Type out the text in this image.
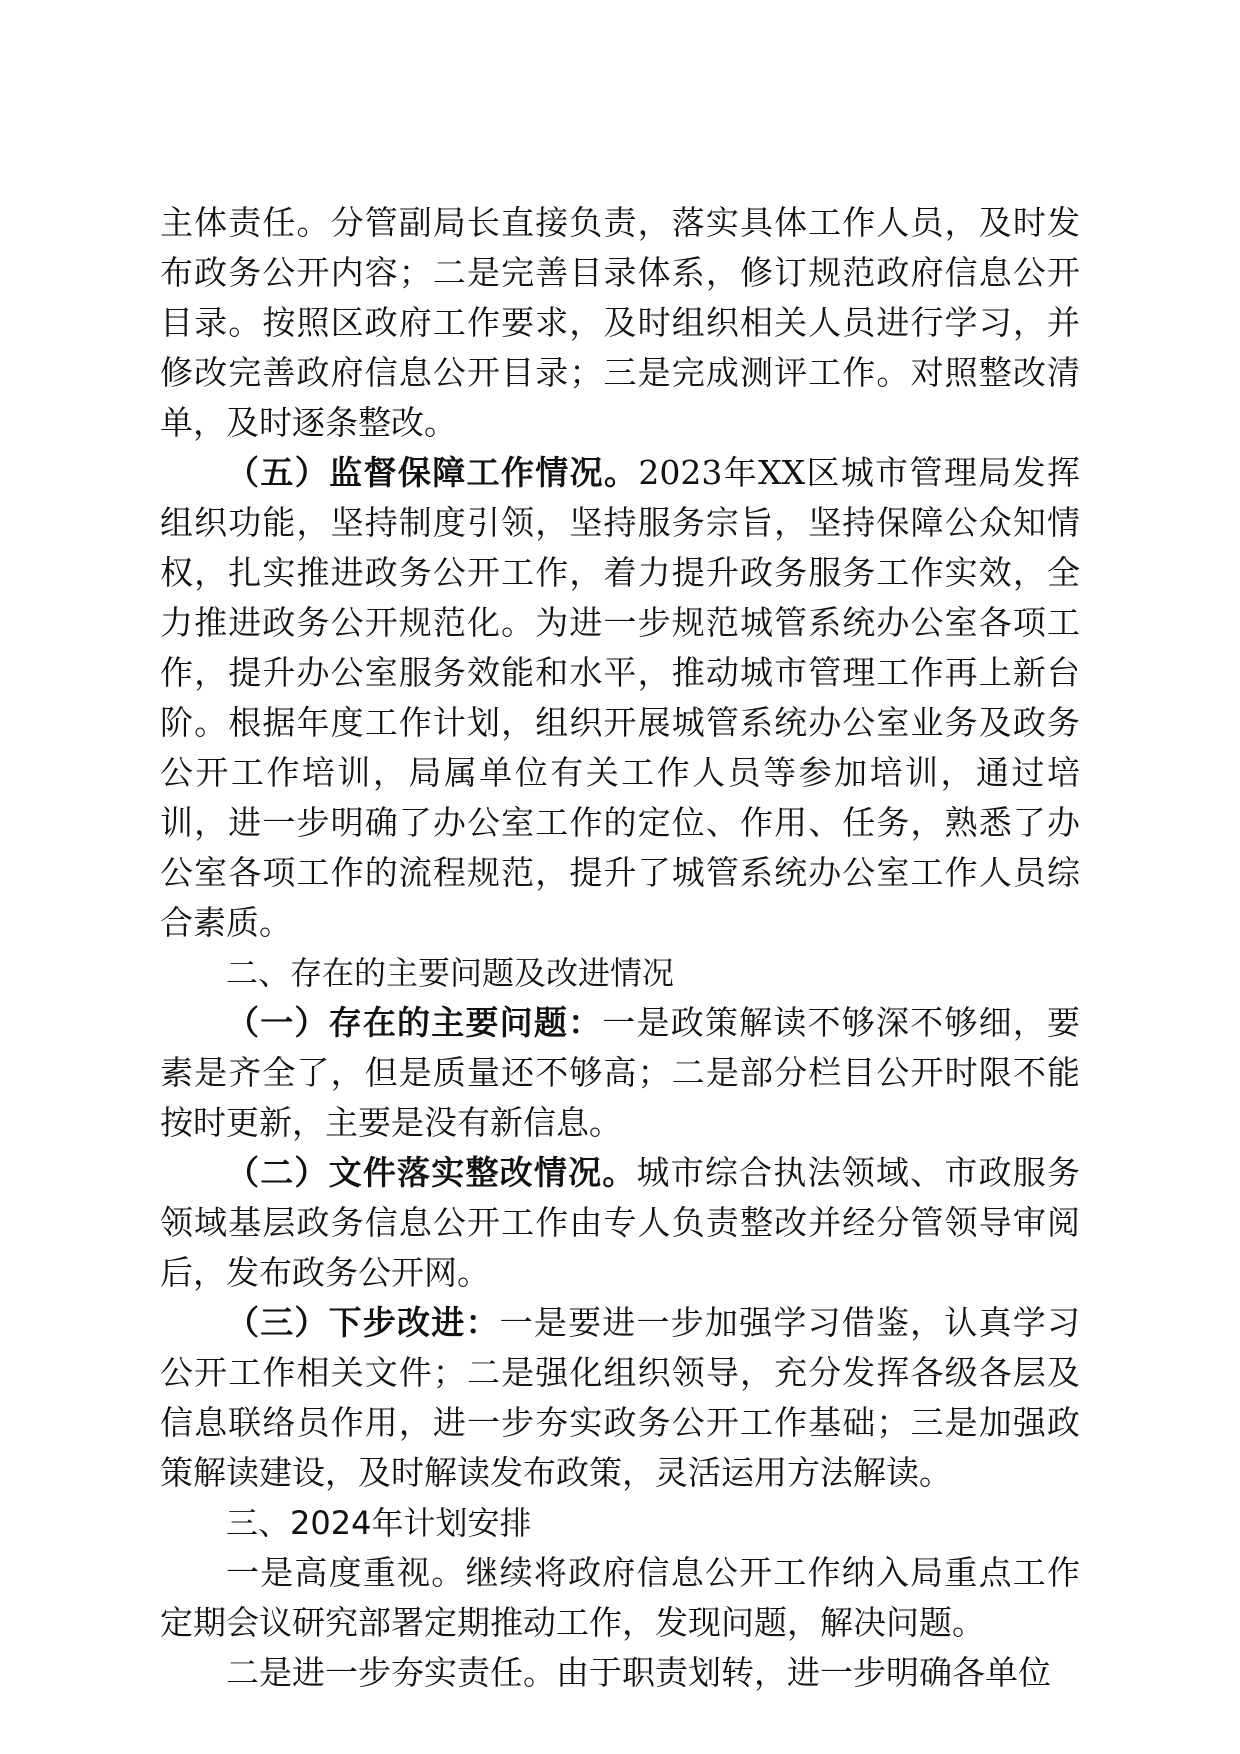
主体责任。分管副局长直接负责，落实具体工作人员，及时发布政务公开内容；二是完善目录体系，修订规范政府信息公开目录。按照区政府工作要求，及时组织相关人员进行学习，并修改完善政府信息公开目录；三是完成测评工作。对照整改清单，及时逐条整改。

（五）监督保障工作情况。2023年XX区城市管理局发挥组织功能，坚持制度引领，坚持服务宗旨，坚持保障公众知情权，扎实推进政务公开工作，着力提升政务服务工作实效，全力推进政务公开规范化。为进一步规范城管系统办公室各项工作，提升办公室服务效能和水平，推动城市管理工作再上新台阶。根据年度工作计划，组织开展城管系统办公室业务及政务公开工作培训，局属单位有关工作人员等参加培训，通过培训，进一步明确了办公室工作的定位、作用、任务，熟悉了办公室各项工作的流程规范，提升了城管系统办公室工作人员综合素质。

二、存在的主要问题及改进情况

（一）存在的主要问题：一是政策解读不够深不够细，要素是齐全了，但是质量还不够高；二是部分栏目公开时限不能按时更新，主要是没有新信息。

（二）文件落实整改情况。城市综合执法领域、市政服务领域基层政务信息公开工作由专人负责整改并经分管领导审阅后，发布政务公开网。

（三）下步改进：一是要进一步加强学习借鉴，认真学习公开工作相关文件；二是强化组织领导，充分发挥各级各层及信息联络员作用，进一步夯实政务公开工作基础；三是加强政策解读建设，及时解读发布政策，灵活运用方法解读。

三、2024年计划安排

一是高度重视。继续将政府信息公开工作纳入局重点工作定期会议研究部署定期推动工作，发现问题，解决问题。

二是进一步夯实责任。由于职责划转，进一步明确各单位
